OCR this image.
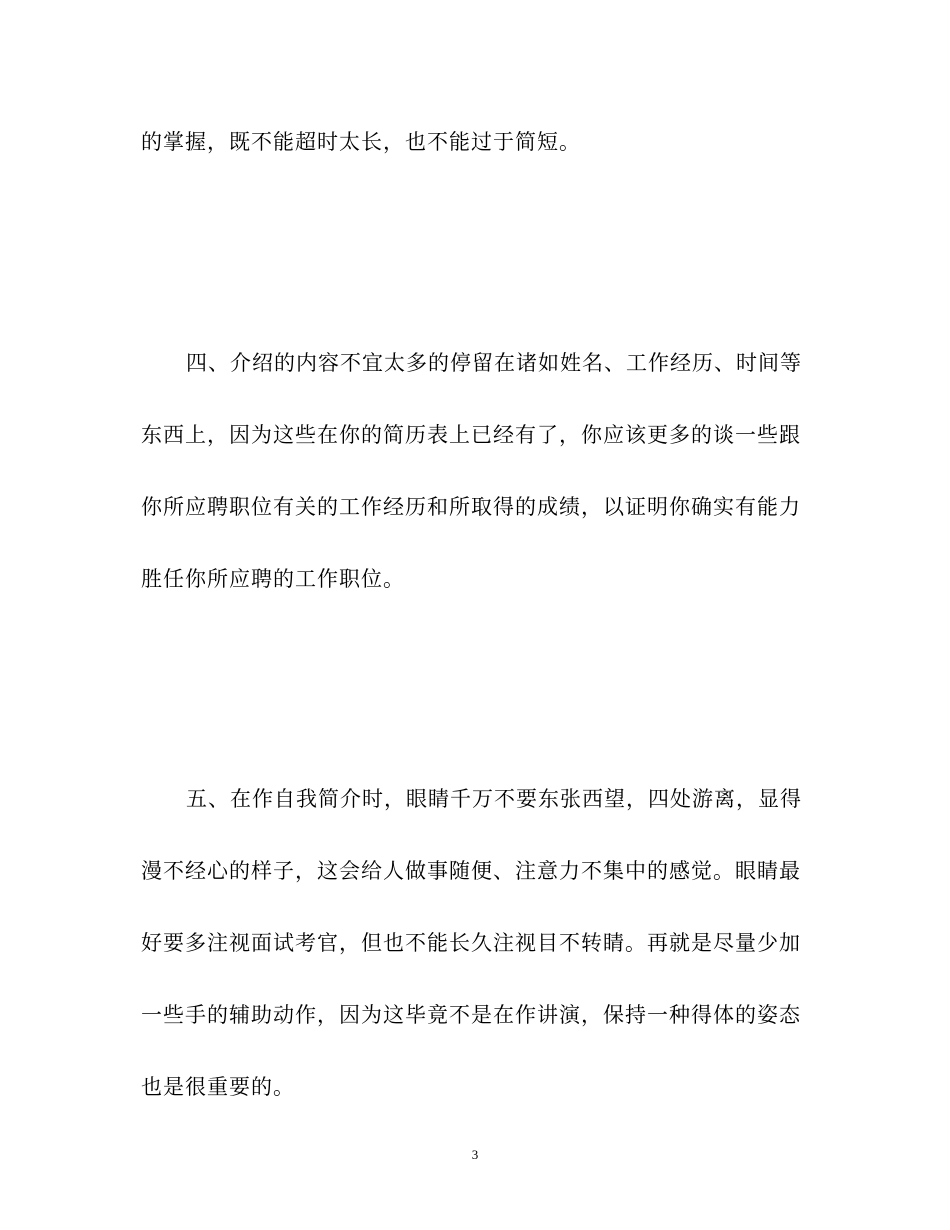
的掌握，既不能超时太长，也不能过于简短。
四、介绍的内容不宜太多的停留在诸如姓名、工作经历、时间等
东西上，因为这些在你的简历表上已经有了，你应该更多的谈一些跟
你所应聘职位有关的工作经历和所取得的成绩，以证明你确实有能力
胜任你所应聘的工作职位。
五、在作自我简介时，眼睛千万不要东张西望，四处游离，显得
漫不经心的样子，这会给人做事随便、注意力不集中的感觉。眼睛最
好要多注视面试考官，但也不能长久注视目不转睛。再就是尽量少加
一些手的辅助动作，因为这毕竟不是在作讲演，保持一种得体的姿态
也是很重要的。
3
